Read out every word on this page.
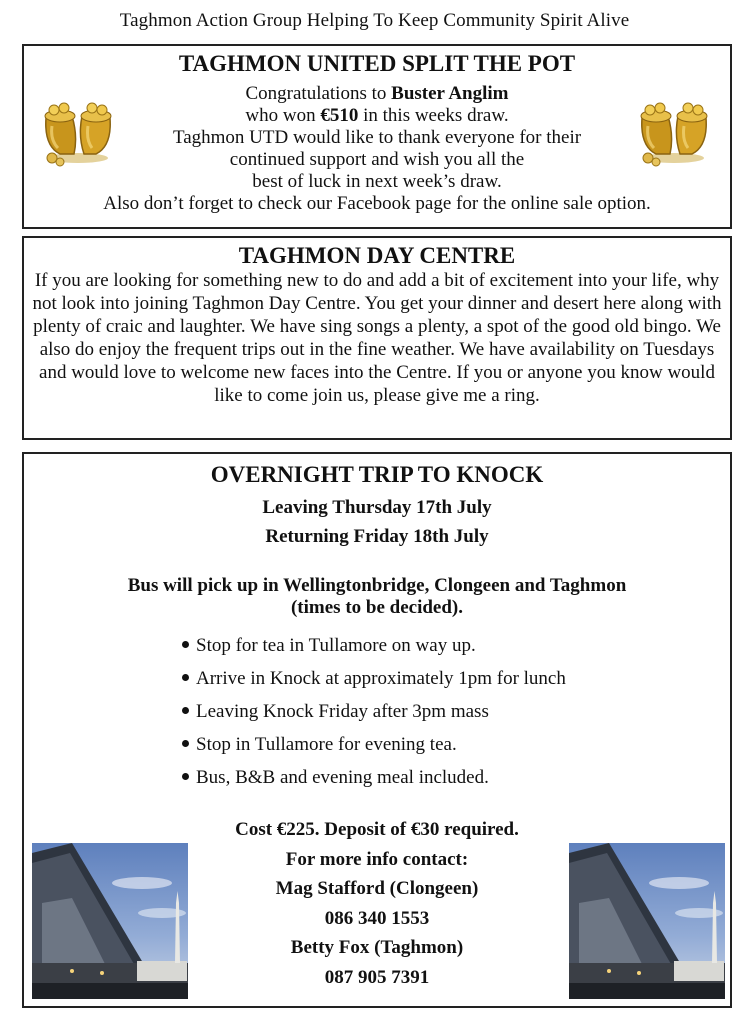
Taghmon Action Group Helping To Keep Community Spirit Alive
TAGHMON UNITED SPLIT THE POT
Congratulations to Buster Anglim
who won €510 in this weeks draw.
Taghmon UTD would like to thank everyone for their
continued support and wish you all the
best of luck in next week’s draw.
Also don’t forget to check our Facebook page for the online sale option.
TAGHMON DAY CENTRE
If you are looking for something new to do and add a bit of excitement into your life, why not look into joining Taghmon Day Centre. You get your dinner and desert here along with plenty of craic and laughter. We have sing songs a plenty, a spot of the good old bingo. We also do enjoy the frequent trips out in the fine weather. We have availability on Tuesdays and would love to welcome new faces into the Centre. If you or anyone you know would like to come join us, please give me a ring.
OVERNIGHT TRIP TO KNOCK
Leaving Thursday 17th July
Returning Friday 18th July
Bus will pick up in Wellingtonbridge, Clongeen and Taghmon
(times to be decided).
Stop for tea in Tullamore on way up.
Arrive in Knock at approximately 1pm for lunch
Leaving Knock Friday after 3pm mass
Stop in Tullamore for evening tea.
Bus, B&B and evening meal included.
Cost €225. Deposit of €30 required.
For more info contact:
Mag Stafford (Clongeen)
086 340 1553
Betty Fox (Taghmon)
087 905 7391
